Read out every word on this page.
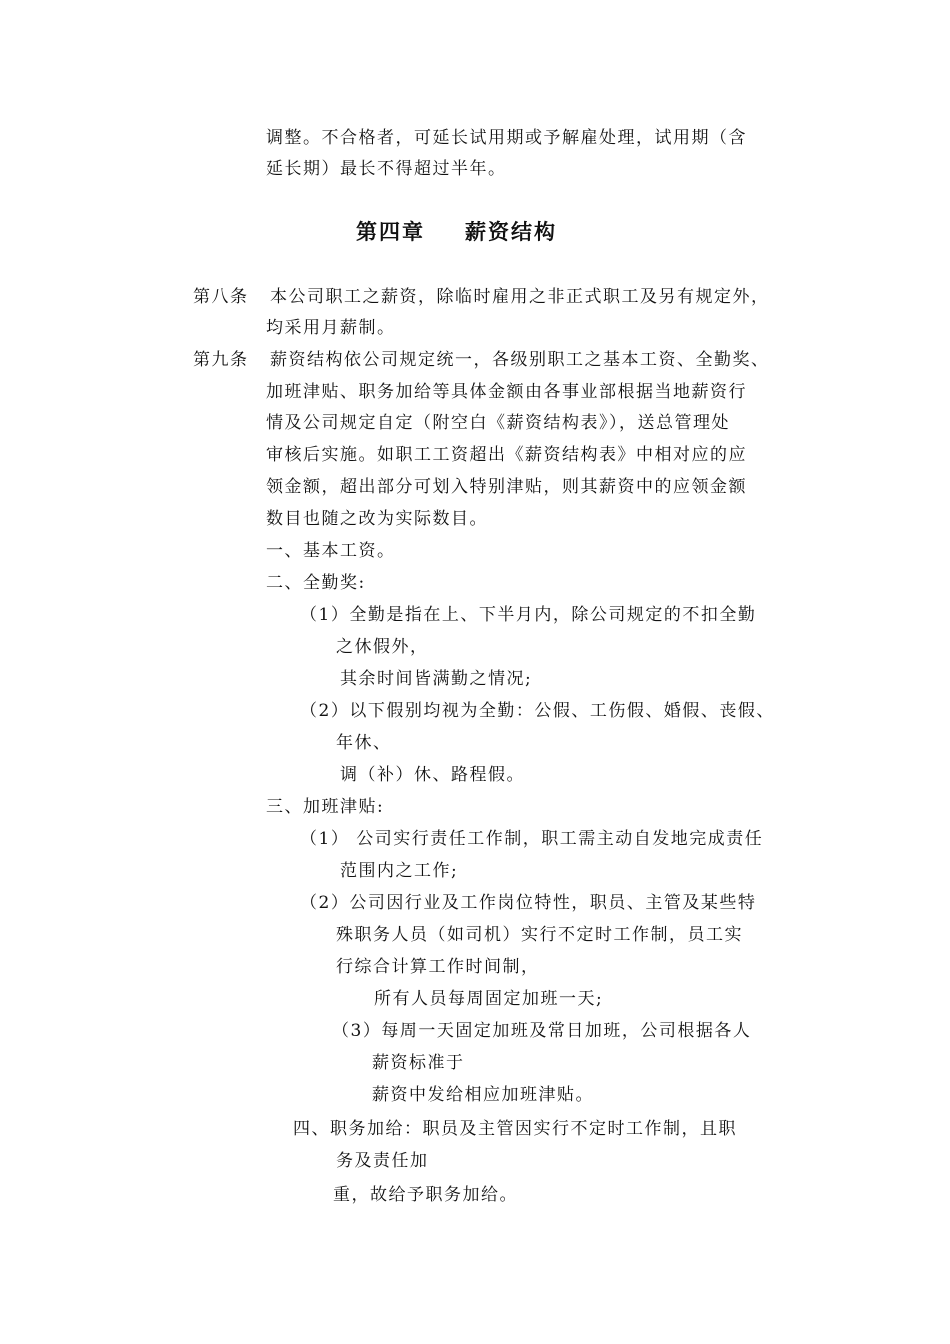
调整。不合格者，可延长试用期或予解雇处理，试用期（含
延长期）最长不得超过半年。
第四章 薪资结构
第八条 本公司职工之薪资，除临时雇用之非正式职工及另有规定外，
均采用月薪制。
第九条 薪资结构依公司规定统一，各级别职工之基本工资、全勤奖、
加班津贴、职务加给等具体金额由各事业部根据当地薪资行
情及公司规定自定（附空白《薪资结构表》），送总管理处
审核后实施。如职工工资超出《薪资结构表》中相对应的应
领金额，超出部分可划入特别津贴，则其薪资中的应领金额
数目也随之改为实际数目。
一、基本工资。
二、全勤奖:
（1）全勤是指在上、下半月内，除公司规定的不扣全勤
之休假外，
其余时间皆满勤之情况;
（2）以下假别均视为全勤：公假、工伤假、婚假、丧假、
年休、
调（补）休、路程假。
三、加班津贴:
（1） 公司实行责任工作制，职工需主动自发地完成责任
范围内之工作;
（2）公司因行业及工作岗位特性，职员、主管及某些特
殊职务人员（如司机）实行不定时工作制，员工实
行综合计算工作时间制，
所有人员每周固定加班一天;
（3）每周一天固定加班及常日加班，公司根据各人
薪资标准于
薪资中发给相应加班津贴。
四、职务加给：职员及主管因实行不定时工作制，且职
务及责任加
重，故给予职务加给。
